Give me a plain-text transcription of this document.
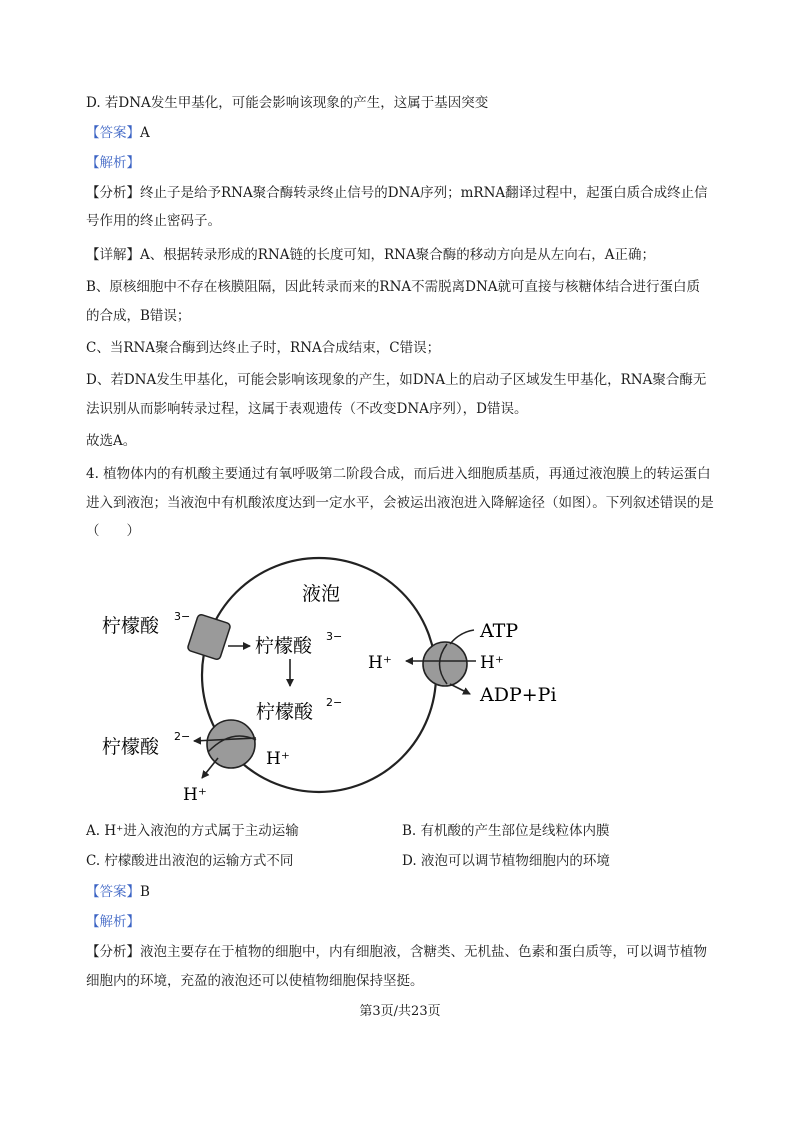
D. 若DNA发生甲基化，可能会影响该现象的产生，这属于基因突变
【答案】A
【解析】
【分析】终止子是给予RNA聚合酶转录终止信号的DNA序列；mRNA翻译过程中，起蛋白质合成终止信
号作用的终止密码子。
【详解】A、根据转录形成的RNA链的长度可知，RNA聚合酶的移动方向是从左向右，A正确；
B、原核细胞中不存在核膜阻隔，因此转录而来的RNA不需脱离DNA就可直接与核糖体结合进行蛋白质
的合成，B错误；
C、当RNA聚合酶到达终止子时，RNA合成结束，C错误；
D、若DNA发生甲基化，可能会影响该现象的产生，如DNA上的启动子区域发生甲基化，RNA聚合酶无
法识别从而影响转录过程，这属于表观遗传（不改变DNA序列），D错误。
故选A。
4. 植物体内的有机酸主要通过有氧呼吸第二阶段合成，而后进入细胞质基质，再通过液泡膜上的转运蛋白
进入到液泡；当液泡中有机酸浓度达到一定水平，会被运出液泡进入降解途径（如图）。下列叙述错误的是
（　　）
液泡
柠檬酸 3−
柠檬酸 3−
柠檬酸 2−
柠檬酸 2−
H⁺
H⁺
ATP
ADP+Pi
H⁺	H⁺
A. H⁺进入液泡的方式属于主动运输	B. 有机酸的产生部位是线粒体内膜
C. 柠檬酸进出液泡的运输方式不同	D. 液泡可以调节植物细胞内的环境
【答案】B
【解析】
【分析】液泡主要存在于植物的细胞中，内有细胞液，含糖类、无机盐、色素和蛋白质等，可以调节植物
细胞内的环境，充盈的液泡还可以使植物细胞保持坚挺。
第3页/共23页
